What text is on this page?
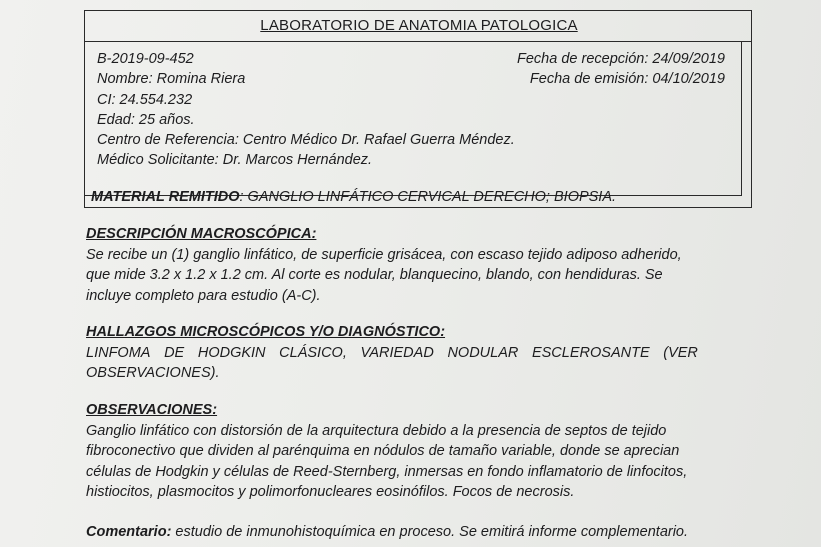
LABORATORIO DE ANATOMIA PATOLOGICA
B-2019-09-452
Nombre: Romina Riera
CI: 24.554.232
Edad: 25 años.
Centro de Referencia: Centro Médico Dr. Rafael Guerra Méndez.
Médico Solicitante: Dr. Marcos Hernández.
Fecha de recepción: 24/09/2019
Fecha de emisión: 04/10/2019
MATERIAL REMITIDO: GANGLIO LINFÁTICO CERVICAL DERECHO; BIOPSIA.
DESCRIPCIÓN MACROSCÓPICA:
Se recibe un (1) ganglio linfático, de superficie grisácea, con escaso tejido adiposo adherido,
que mide 3.2 x 1.2 x 1.2 cm. Al corte es nodular, blanquecino, blando, con hendiduras. Se
incluye completo para estudio (A-C).
HALLAZGOS MICROSCÓPICOS Y/O DIAGNÓSTICO:
LINFOMA DE HODGKIN CLÁSICO, VARIEDAD NODULAR ESCLEROSANTE (VER
OBSERVACIONES).
OBSERVACIONES:
Ganglio linfático con distorsión de la arquitectura debido a la presencia de septos de tejido
fibroconectivo que dividen al parénquima en nódulos de tamaño variable, donde se aprecian
células de Hodgkin y células de Reed-Sternberg, inmersas en fondo inflamatorio de linfocitos,
histiocitos, plasmocitos y polimorfonucleares eosinófilos. Focos de necrosis.
Comentario: estudio de inmunohistoquímica en proceso. Se emitirá informe complementario.
